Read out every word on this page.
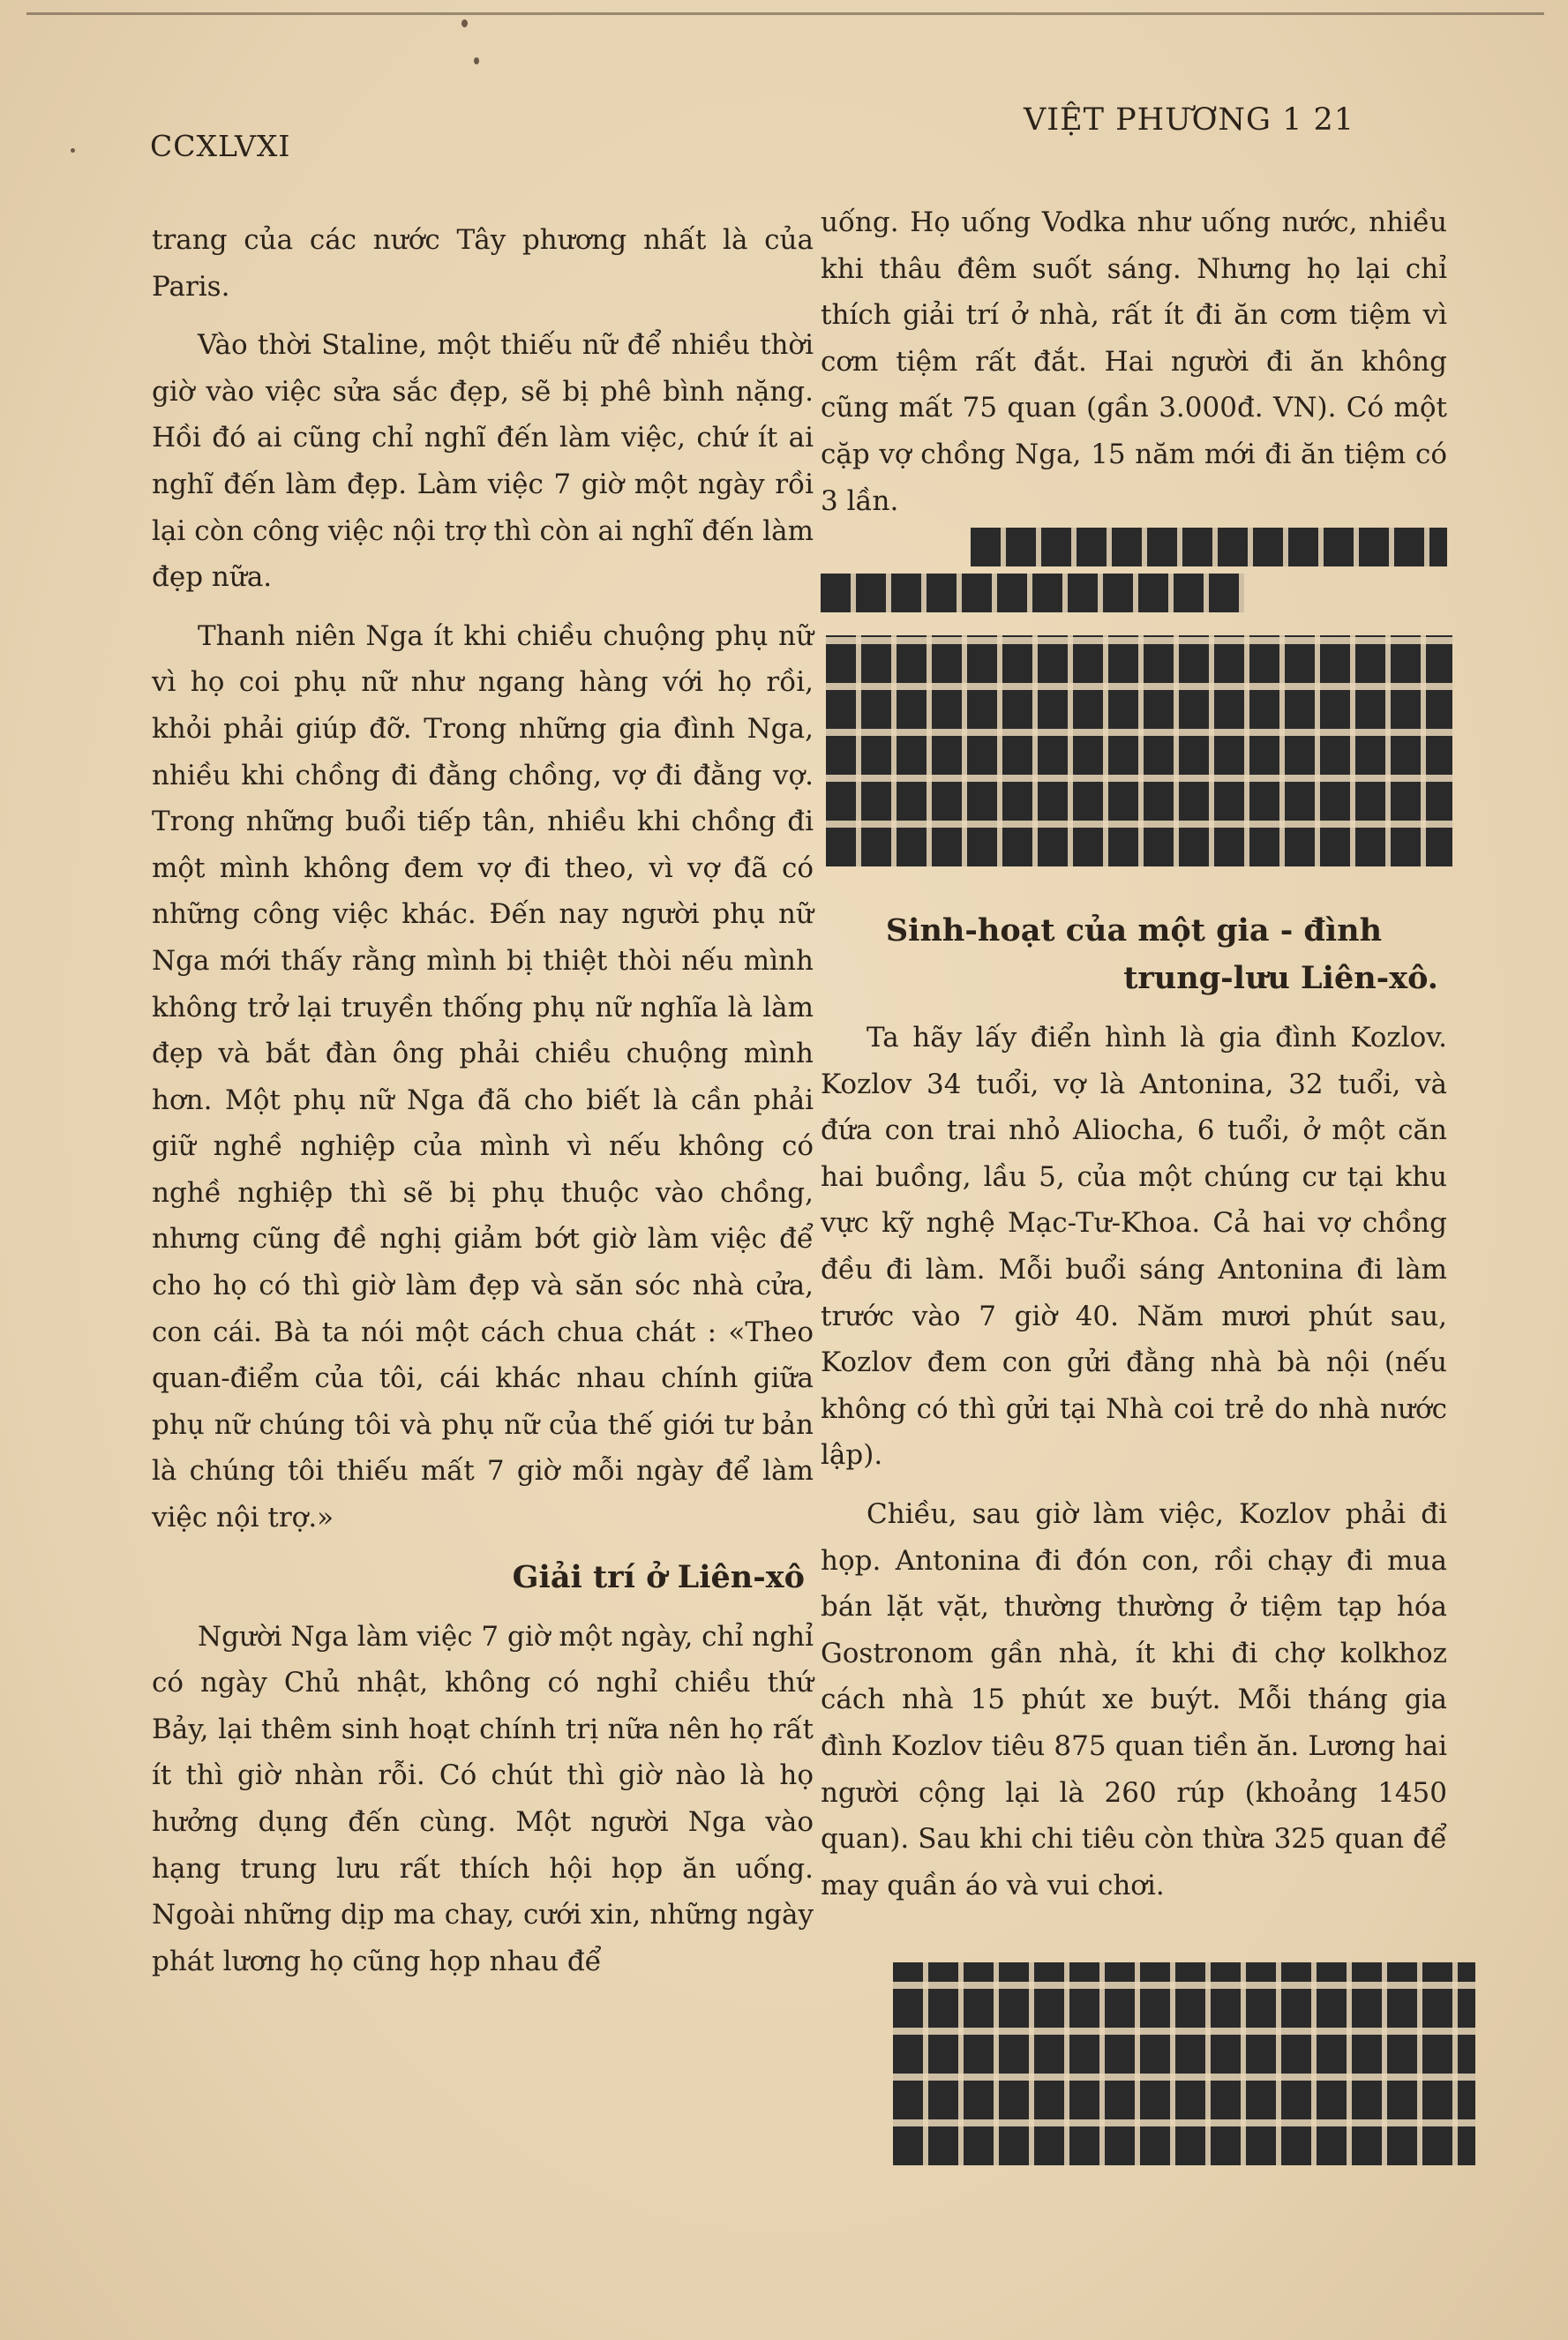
CCXLVXI
VIỆT PHƯƠNG 1 21

trang của các nước Tây phương nhất là của Paris.

Vào thời Staline, một thiếu nữ để nhiều thời giờ vào việc sửa sắc đẹp, sẽ bị phê bình nặng. Hồi đó ai cũng chỉ nghĩ đến làm việc, chứ ít ai nghĩ đến làm đẹp. Làm việc 7 giờ một ngày rồi lại còn công việc nội trợ thì còn ai nghĩ đến làm đẹp nữa.

Thanh niên Nga ít khi chiều chuộng phụ nữ vì họ coi phụ nữ như ngang hàng với họ rồi, khỏi phải giúp đỡ. Trong những gia đình Nga, nhiều khi chồng đi đằng chồng, vợ đi đằng vợ. Trong những buổi tiếp tân, nhiều khi chồng đi một mình không đem vợ đi theo, vì vợ đã có những công việc khác. Đến nay người phụ nữ Nga mới thấy rằng mình bị thiệt thòi nếu mình không trở lại truyền thống phụ nữ nghĩa là làm đẹp và bắt đàn ông phải chiều chuộng mình hơn. Một phụ nữ Nga đã cho biết là cần phải giữ nghề nghiệp của mình vì nếu không có nghề nghiệp thì sẽ bị phụ thuộc vào chồng, nhưng cũng đề nghị giảm bớt giờ làm việc để cho họ có thì giờ làm đẹp và săn sóc nhà cửa, con cái. Bà ta nói một cách chua chát : «Theo quan-điểm của tôi, cái khác nhau chính giữa phụ nữ chúng tôi và phụ nữ của thế giới tư bản là chúng tôi thiếu mất 7 giờ mỗi ngày để làm việc nội trợ.»

Giải trí ở Liên-xô

Người Nga làm việc 7 giờ một ngày, chỉ nghỉ có ngày Chủ nhật, không có nghỉ chiều thứ Bảy, lại thêm sinh hoạt chính trị nữa nên họ rất ít thì giờ nhàn rỗi. Có chút thì giờ nào là họ hưởng dụng đến cùng. Một người Nga vào hạng trung lưu rất thích hội họp ăn uống. Ngoài những dịp ma chay, cưới xin, những ngày phát lương họ cũng họp nhau để

uống. Họ uống Vodka như uống nước, nhiều khi thâu đêm suốt sáng. Nhưng họ lại chỉ thích giải trí ở nhà, rất ít đi ăn cơm tiệm vì cơm tiệm rất đắt. Hai người đi ăn không cũng mất 75 quan (gần 3.000đ. VN). Có một cặp vợ chồng Nga, 15 năm mới đi ăn tiệm có 3 lần.

Sinh-hoạt của một gia - đình
trung-lưu Liên-xô.

Ta hãy lấy điển hình là gia đình Kozlov. Kozlov 34 tuổi, vợ là Antonina, 32 tuổi, và đứa con trai nhỏ Aliocha, 6 tuổi, ở một căn hai buồng, lầu 5, của một chúng cư tại khu vực kỹ nghệ Mạc-Tư-Khoa. Cả hai vợ chồng đều đi làm. Mỗi buổi sáng Antonina đi làm trước vào 7 giờ 40. Năm mươi phút sau, Kozlov đem con gửi đằng nhà bà nội (nếu không có thì gửi tại Nhà coi trẻ do nhà nước lập).

Chiều, sau giờ làm việc, Kozlov phải đi họp. Antonina đi đón con, rồi chạy đi mua bán lặt vặt, thường thường ở tiệm tạp hóa Gostronom gần nhà, ít khi đi chợ kolkhoz cách nhà 15 phút xe buýt. Mỗi tháng gia đình Kozlov tiêu 875 quan tiền ăn. Lương hai người cộng lại là 260 rúp (khoảng 1450 quan). Sau khi chi tiêu còn thừa 325 quan để may quần áo và vui chơi.
